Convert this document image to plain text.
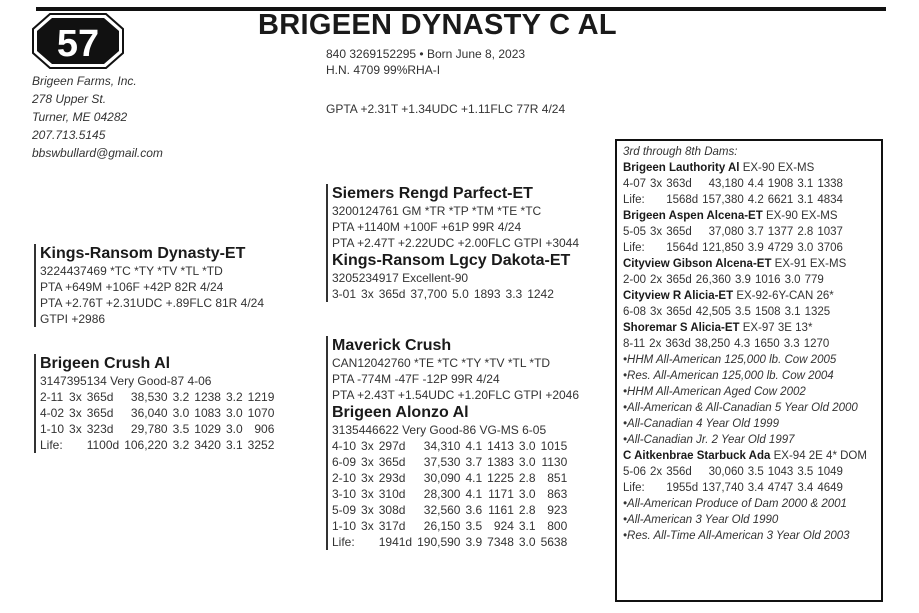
57	BRIGEEN DYNASTY C AL
Brigeen Farms, Inc.
278 Upper St.
Turner, ME 04282
207.713.5145
bbswbullard@gmail.com
840 3269152295 • Born June 8, 2023
H.N. 4709 99%RHA-I
GPTA +2.31T +1.34UDC +1.11FLC 77R 4/24
Kings-Ransom Dynasty-ET
3224437469 *TC *TY *TV *TL *TD
PTA +649M +106F +42P 82R 4/24
PTA +2.76T +2.31UDC +.89FLC 81R 4/24
GTPI +2986
Brigeen Crush Al
3147395134 Very Good-87 4-06
2-11	3x	365d	38,530	3.2	1238	3.2	1219
4-02	3x	365d	36,040	3.0	1083	3.0	1070
1-10	3x	323d	29,780	3.5	1029	3.0	906
Life:		1100d	106,220	3.2	3420	3.1	3252
Siemers Rengd Parfect-ET
3200124761 GM *TR *TP *TM *TE *TC
PTA +1140M +100F +61P 99R 4/24
PTA +2.47T +2.22UDC +2.00FLC GTPI +3044
Kings-Ransom Lgcy Dakota-ET
3205234917 Excellent-90
3-01	3x	365d	37,700	5.0	1893	3.3	1242
Maverick Crush
CAN12042760 *TE *TC *TY *TV *TL *TD
PTA -774M -47F -12P 99R 4/24
PTA +2.43T +1.54UDC +1.20FLC GTPI +2046
Brigeen Alonzo Al
3135446622 Very Good-86 VG-MS 6-05
4-10	3x	297d	34,310	4.1	1413	3.0	1015
6-09	3x	365d	37,530	3.7	1383	3.0	1130
2-10	3x	293d	30,090	4.1	1225	2.8	851
3-10	3x	310d	28,300	4.1	1171	3.0	863
5-09	3x	308d	32,560	3.6	1161	2.8	923
1-10	3x	317d	26,150	3.5	924	3.1	800
Life:		1941d	190,590	3.9	7348	3.0	5638
3rd through 8th Dams:
Brigeen Lauthority Al EX-90 EX-MS
4-07	3x	363d	43,180	4.4	1908	3.1	1338
Life:		1568d	157,380	4.2	6621	3.1	4834
Brigeen Aspen Alcena-ET EX-90 EX-MS
5-05	3x	365d	37,080	3.7	1377	2.8	1037
Life:		1564d	121,850	3.9	4729	3.0	3706
Cityview Gibson Alcena-ET EX-91 EX-MS
2-00	2x	365d	26,360	3.9	1016	3.0	779
Cityview R Alicia-ET EX-92-6Y-CAN 26*
6-08	3x	365d	42,505	3.5	1508	3.1	1325
Shoremar S Alicia-ET EX-97 3E 13*
8-11	2x	363d	38,250	4.3	1650	3.3	1270
•HHM All-American 125,000 lb. Cow 2005
•Res. All-American 125,000 lb. Cow 2004
•HHM All-American Aged Cow 2002
•All-American & All-Canadian 5 Year Old 2000
•All-Canadian 4 Year Old 1999
•All-Canadian Jr. 2 Year Old 1997
C Aitkenbrae Starbuck Ada EX-94 2E 4* DOM
5-06	2x	356d	30,060	3.5	1043	3.5	1049
Life:		1955d	137,740	3.4	4747	3.4	4649
•All-American Produce of Dam 2000 & 2001
•All-American 3 Year Old 1990
•Res. All-Time All-American 3 Year Old 2003
